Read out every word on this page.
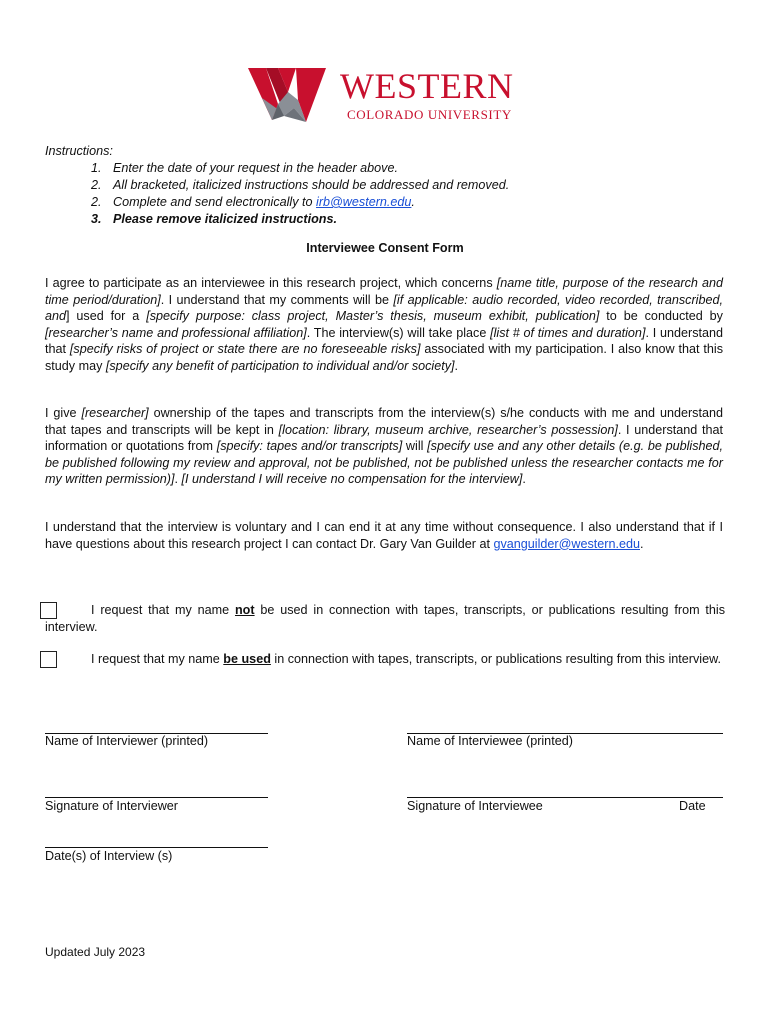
WESTERN
COLORADO UNIVERSITY
Instructions:
1. Enter the date of your request in the header above.
2. All bracketed, italicized instructions should be addressed and removed.
2. Complete and send electronically to irb@western.edu.
3. Please remove italicized instructions.
Interviewee Consent Form
I agree to participate as an interviewee in this research project, which concerns [name title, purpose of the research and time period/duration]. I understand that my comments will be [if applicable: audio recorded, video recorded, transcribed, and] used for a [specify purpose: class project, Master’s thesis, museum exhibit, publication] to be conducted by [researcher’s name and professional affiliation]. The interview(s) will take place [list # of times and duration]. I understand that [specify risks of project or state there are no foreseeable risks] associated with my participation. I also know that this study may [specify any benefit of participation to individual and/or society].
I give [researcher] ownership of the tapes and transcripts from the interview(s) s/he conducts with me and understand that tapes and transcripts will be kept in [location: library, museum archive, researcher’s possession]. I understand that information or quotations from [specify: tapes and/or transcripts] will [specify use and any other details (e.g. be published, be published following my review and approval, not be published, not be published unless the researcher contacts me for my written permission)]. [I understand I will receive no compensation for the interview].
I understand that the interview is voluntary and I can end it at any time without consequence. I also understand that if I have questions about this research project I can contact Dr. Gary Van Guilder at gvanguilder@western.edu.
I request that my name not be used in connection with tapes, transcripts, or publications resulting from this interview.
I request that my name be used in connection with tapes, transcripts, or publications resulting from this interview.
Name of Interviewer (printed)	Name of Interviewee (printed)
Signature of Interviewer	Signature of Interviewee	Date
Date(s) of Interview (s)
Updated July 2023
